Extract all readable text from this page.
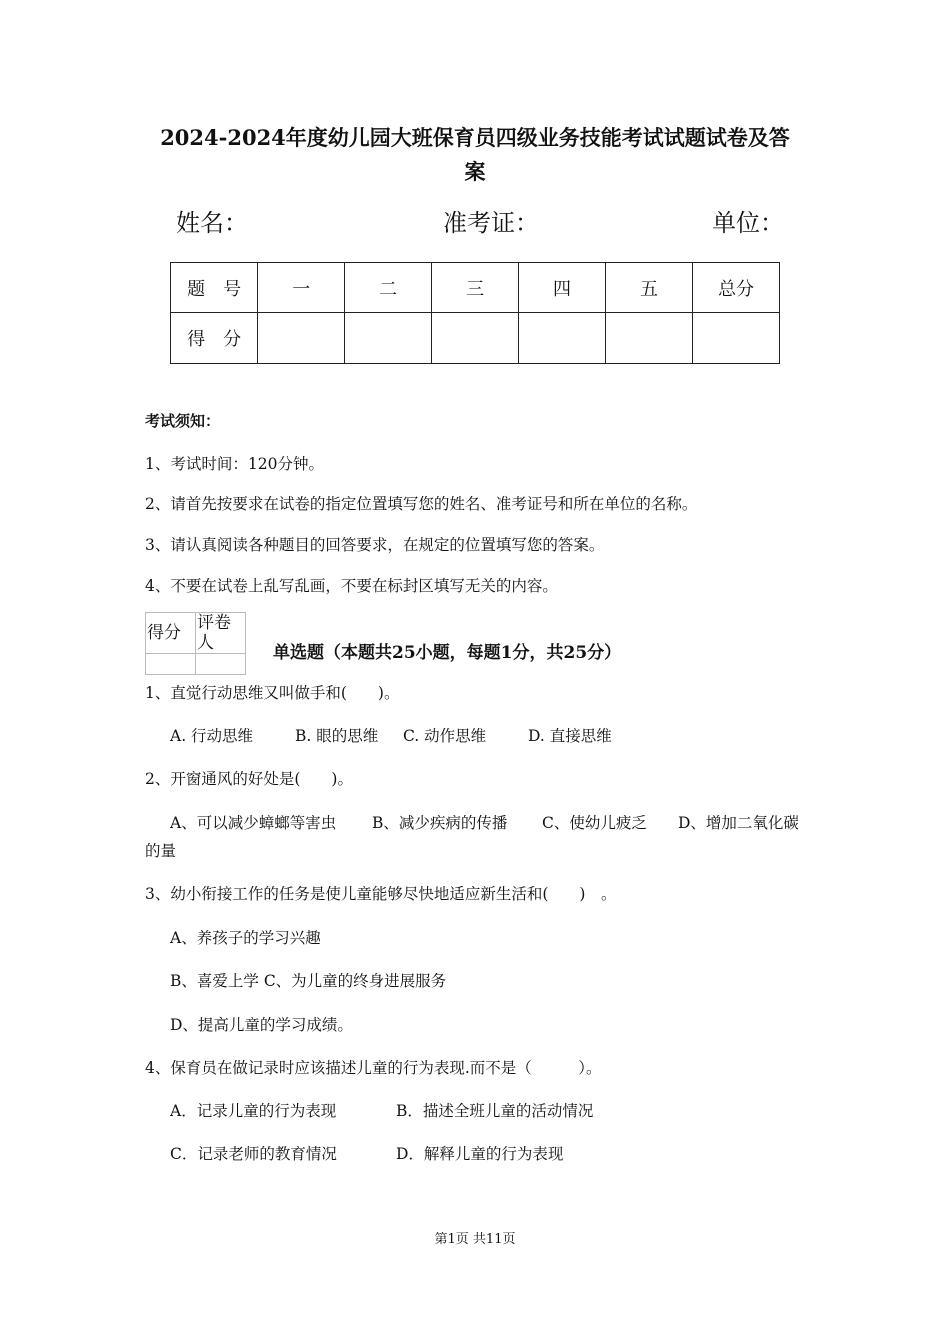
2024-2024年度幼儿园大班保育员四级业务技能考试试题试卷及答
案
姓名：	准考证：	单位：
题　号	一	二	三	四	五	总分
得　分						
考试须知：
1、考试时间：120分钟。
2、请首先按要求在试卷的指定位置填写您的姓名、准考证号和所在单位的名称。
3、请认真阅读各种题目的回答要求，在规定的位置填写您的答案。
4、不要在试卷上乱写乱画，不要在标封区填写无关的内容。
得分	评卷人
		单选题（本题共25小题，每题1分，共25分）
1、直觉行动思维又叫做手和(　　)。
A. 行动思维	B. 眼的思维 C. 动作思维	D. 直接思维
2、开窗通风的好处是(　　)。
A、可以减少蟑螂等害虫 B、减少疾病的传播 C、使幼儿疲乏 D、增加二氧化碳
的量
3、幼小衔接工作的任务是使儿童能够尽快地适应新生活和(　　)　。
A、养孩子的学习兴趣
B、喜爱上学 C、为儿童的终身进展服务
D、提高儿童的学习成绩。
4、保育员在做记录时应该描述儿童的行为表现.而不是（　　　）。
A．记录儿童的行为表现	B．描述全班儿童的活动情况
C．记录老师的教育情况	D．解释儿童的行为表现
第1页 共11页
